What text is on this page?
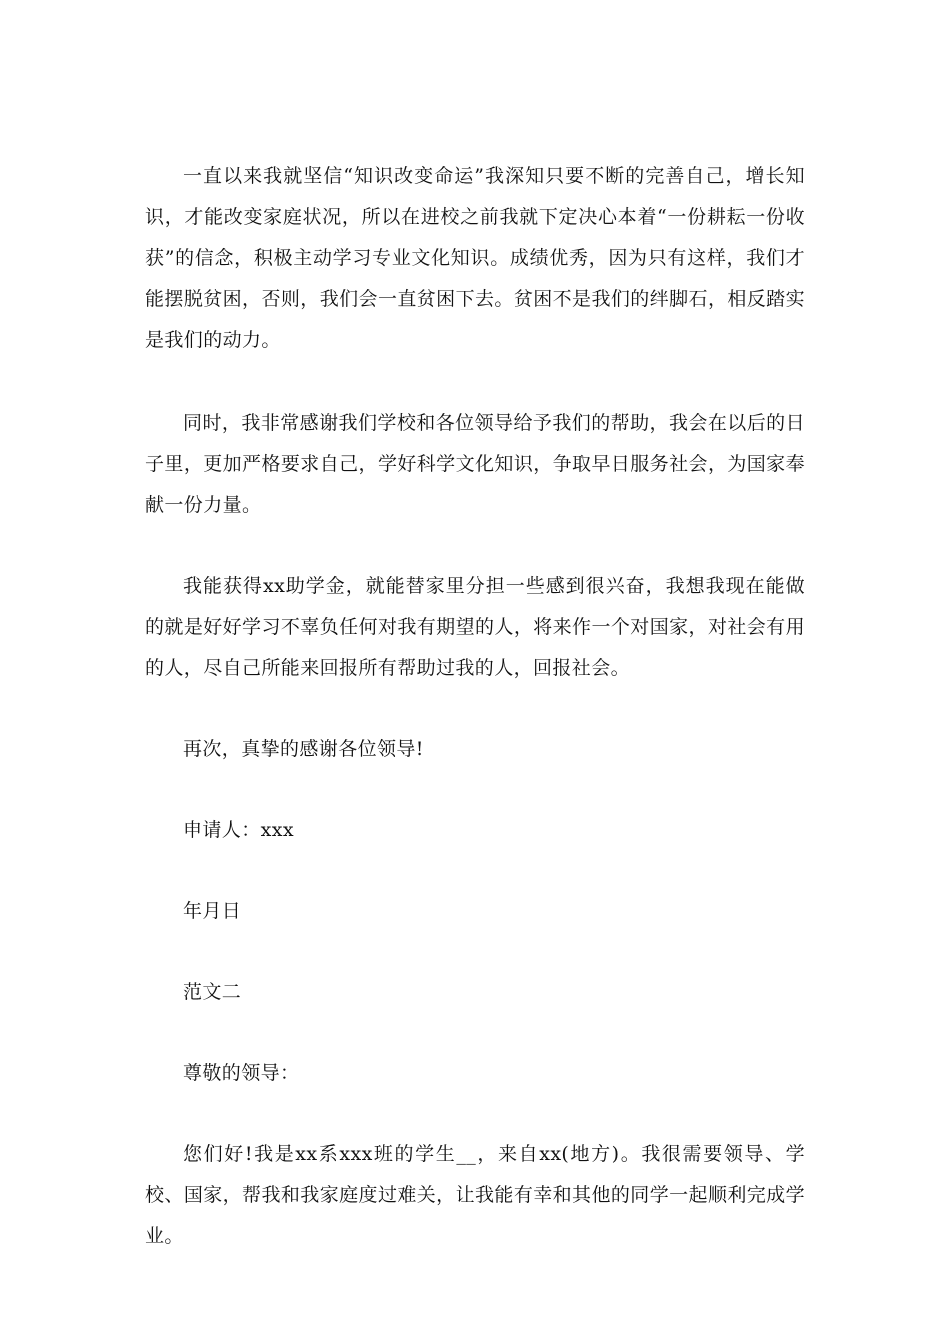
一直以来我就坚信“知识改变命运”我深知只要不断的完善自己，增长知识，才能改变家庭状况，所以在进校之前我就下定决心本着“一份耕耘一份收获”的信念，积极主动学习专业文化知识。成绩优秀，因为只有这样，我们才能摆脱贫困，否则，我们会一直贫困下去。贫困不是我们的绊脚石，相反踏实是我们的动力。

同时，我非常感谢我们学校和各位领导给予我们的帮助，我会在以后的日子里，更加严格要求自己，学好科学文化知识，争取早日服务社会，为国家奉献一份力量。

我能获得xx助学金，就能替家里分担一些感到很兴奋，我想我现在能做的就是好好学习不辜负任何对我有期望的人，将来作一个对国家，对社会有用的人，尽自己所能来回报所有帮助过我的人，回报社会。

再次，真挚的感谢各位领导!

申请人：xxx

年月日

范文二

尊敬的领导：

您们好!我是xx系xxx班的学生__，来自xx(地方)。我很需要领导、学校、国家，帮我和我家庭度过难关，让我能有幸和其他的同学一起顺利完成学业。
